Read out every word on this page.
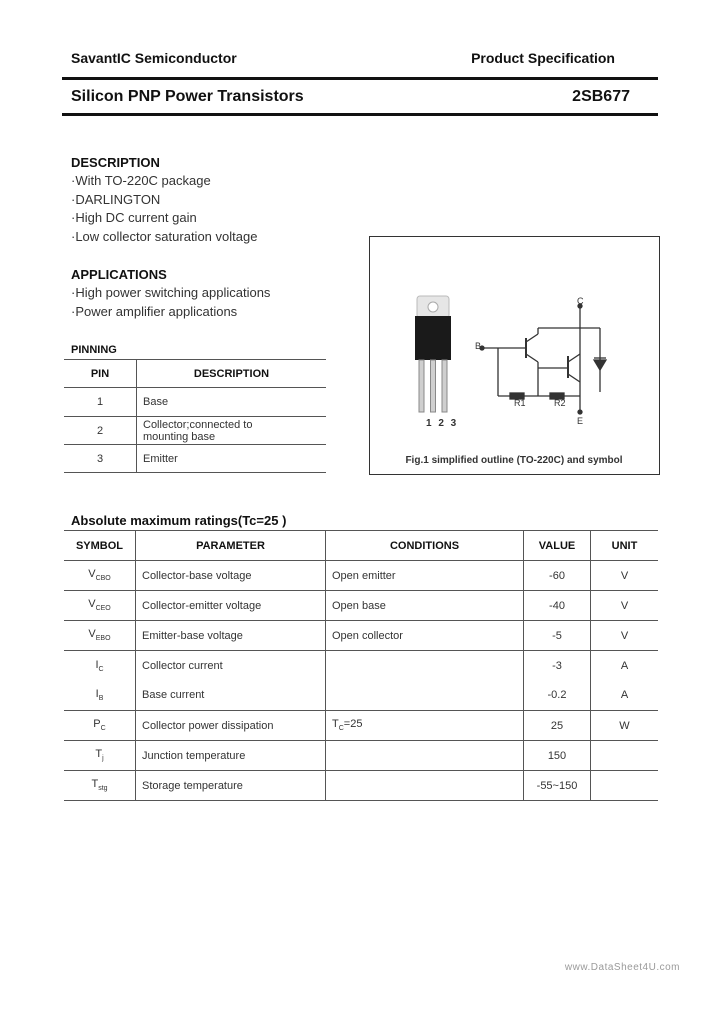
SavantIC Semiconductor	Product Specification
Silicon PNP Power Transistors	2SB677
DESCRIPTION
·With TO-220C package
·DARLINGTON
·High DC current gain
·Low collector saturation voltage
APPLICATIONS
·High power switching applications
·Power amplifier applications
PINNING
PIN	DESCRIPTION
1	Base
2	Collector;connected to
mounting base

3	Emitter
1 2 3
C
B
E
R1	R2
Fig.1 simplified outline (TO-220C) and symbol
Absolute maximum ratings(Tc=25 )
SYMBOL	PARAMETER	CONDITIONS	VALUE	UNIT
$V_{CBO}$	Collector-base voltage	Open emitter	-60	V
$V_{CEO}$	Collector-emitter voltage	Open base	-40	V
$V_{EBO}$	Emitter-base voltage	Open collector	-5	V
$I_C$	Collector current		-3	A
$I_B$	Base current		-0.2	A
$P_C$	Collector power dissipation	$T_C=25$	25	W
$T_j$	Junction temperature		150	
$T_{stg}$	Storage temperature		-55~150	
www.DataSheet4U.com
